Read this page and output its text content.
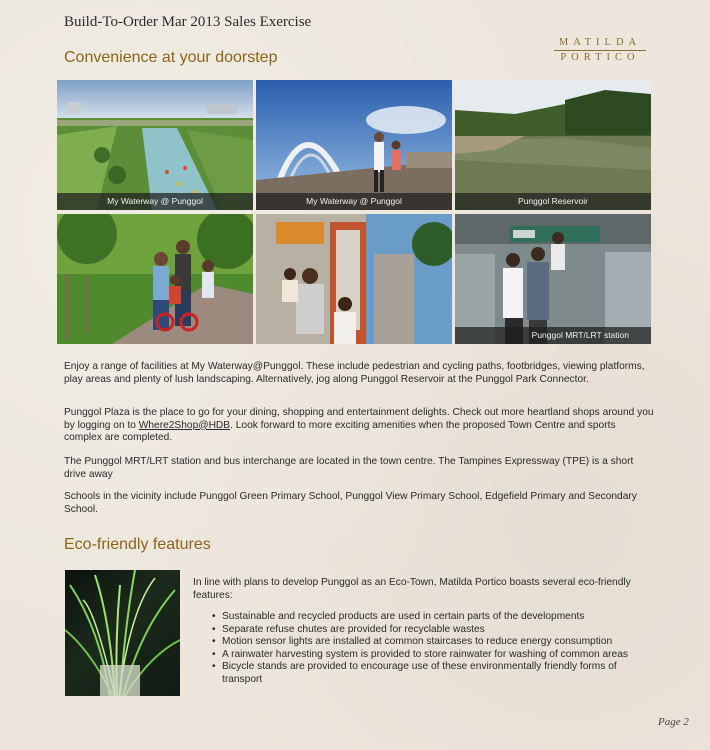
Build-To-Order Mar 2013 Sales Exercise
MATILDA
PORTICO
Convenience at your doorstep
My Waterway @ Punggol	My Waterway @ Punggol	Punggol Reservoir
Punggol MRT/LRT station
Enjoy a range of facilities at My Waterway@Punggol. These include pedestrian and cycling paths, footbridges, viewing platforms, play areas and plenty of lush landscaping. Alternatively, jog along Punggol Reservoir at the Punggol Park Connector.
Punggol Plaza is the place to go for your dining, shopping and entertainment delights. Check out more heartland shops around you by logging on to Where2Shop@HDB. Look forward to more exciting amenities when the proposed Town Centre and sports complex are completed.
The Punggol MRT/LRT station and bus interchange are located in the town centre. The Tampines Expressway (TPE) is a short drive away
Schools in the vicinity include Punggol Green Primary School, Punggol View Primary School, Edgefield Primary and Secondary School.
Eco-friendly features
In line with plans to develop Punggol as an Eco-Town, Matilda Portico boasts several eco-friendly features:
• Sustainable and recycled products are used in certain parts of the developments
• Separate refuse chutes are provided for recyclable wastes
• Motion sensor lights are installed at common staircases to reduce energy consumption
• A rainwater harvesting system is provided to store rainwater for washing of common areas
• Bicycle stands are provided to encourage use of these environmentally friendly forms of transport
Page 2
